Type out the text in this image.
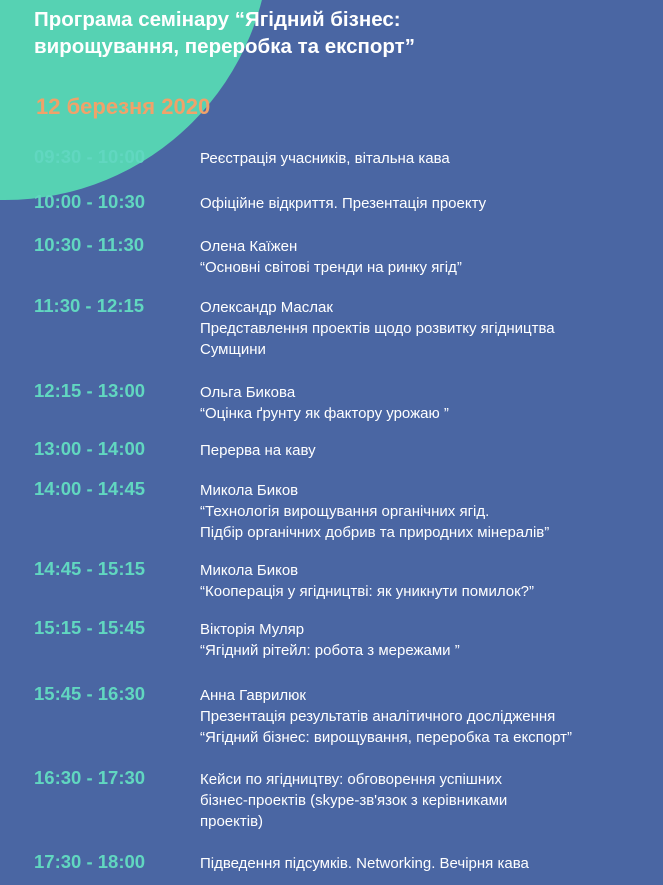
Програма семінару “Ягідний бізнес:
вирощування, переробка та експорт”
12 березня 2020
09:30 - 10:00	Реєстрація учасників, вітальна кава
10:00 - 10:30	Офіційне відкриття. Презентація проекту
10:30 - 11:30	Олена Каїжен
“Основні світові тренди на ринку ягід”
11:30 - 12:15	Олександр Маслак
Представлення проектів щодо розвитку ягідництва
Сумщини
12:15 - 13:00	Ольга Бикова
“Оцінка ґрунту як фактору урожаю ”
13:00 - 14:00	Перерва на каву
14:00 - 14:45	Микола Биков
“Технологія вирощування органічних ягід.
Підбір органічних добрив та природних мінералів”
14:45 - 15:15	Микола Биков
“Кооперація у ягідництві: як уникнути помилок?”
15:15 - 15:45	Вікторія Муляр
“Ягідний рітейл: робота з мережами ”
15:45 - 16:30	Анна Гаврилюк
Презентація результатів аналітичного дослідження
“Ягідний бізнес: вирощування, переробка та експорт”
16:30 - 17:30	Кейси по ягідництву: обговорення успішних
бізнес-проектів (skype-зв'язок з керівниками
проектів)
17:30 - 18:00	Підведення підсумків. Networking. Вечірня кава
